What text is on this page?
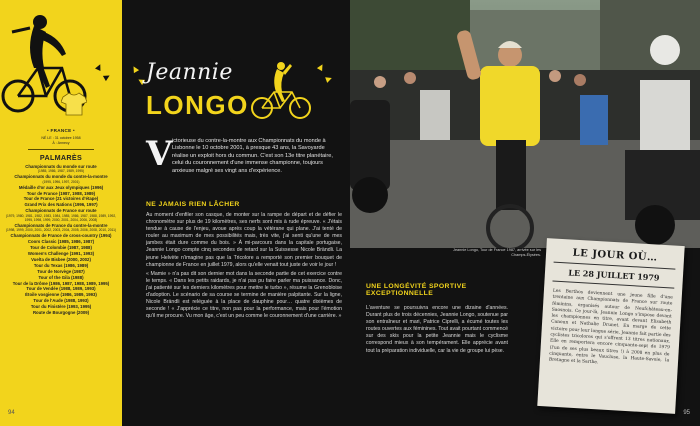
• FRANCE •
NÉ LE : 31 octobre 1958
À : Annecy
PALMARÈS
Championnats du monde sur route
(1985, 1986, 1987, 1989, 1995)
Championnats du monde du contre-la-montre
(1995, 1996, 1997, 2001)
Médaille d'or aux Jeux olympiques (1996)
Tour de France (1987, 1988, 1989)
Tour de France (21 victoires d'étape)
Grand Prix des Nations (1996, 1997)
Championnats de France sur route
(1979, 1980, 1981, 1982, 1983, 1984, 1985, 1986, 1987, 1988, 1989, 1992, 1995, 1998, 1999, 2000, 2001, 2004, 2006, 2008)
Championnats de France du contre-la-montre
(1998, 1999, 2000, 2001, 2002, 2003, 2004, 2005, 2006, 2008, 2010, 2011)
Championnats de France de cross-country (1994)
Coors Classic (1985, 1986, 1987)
Tour de Colombie (1987, 1988)
Women's Challenge (1991, 1993)
Vuelta de Bisbee (2000, 2002)
Tour du Texas (1986, 1989)
Tour de Norvège (1987)
Tour of the Gila (1988)
Tour de la Drôme (1986, 1987, 1988, 1989, 1995)
Tour de Vendée (1988, 1989, 1993)
Étoile vosgienne (1986, 1989, 1993)
Tour de l'Aude (1988, 1993)
Tour du Finistère (1993, 1995)
Route de Bourgogne (2009)
94
Jeannie
LONGO
V ictorieuse du contre-la-montre aux Championnats du monde à Lisbonne le 10 octobre 2001, à presque 43 ans, la Savoyarde réalise un exploit hors du commun. C'est son 13e titre planétaire, celui du couronnement d'une immense championne, toujours anxieuse malgré ses vingt ans d'expérience.
NE JAMAIS RIEN LÂCHER

Au moment d'enfiler son casque, de monter sur la rampe de départ et de défier le chronomètre sur plus de 19 kilomètres, ses nerfs sont mis à rude épreuve. « J'étais tendue à cause de l'enjeu, avoue après coup la vétérane qui plane. J'ai tenté de rouler au maximum de mes possibilités mais, très vite, j'ai senti qu'une de mes jambes était dure comme du bois. » À mi-parcours dans la capitale portugaise, Jeannie Longo compte cinq secondes de retard sur la Suissesse Nicole Brändli. La jeune Helvète n'imagine pas que la Tricolore a remporté son premier bouquet de championne de France en juillet 1979, alors qu'elle venait tout juste de voir le jour !

« Mamie » n'a pas dit son dernier mot dans la seconde partie de cet exercice contre le temps. « Dans les petits raidards, je n'ai pas pu faire parler ma puissance. Donc, j'ai patienté sur les derniers kilomètres pour mettre le turbo », résume la Grenobloise d'adoption. Le scénario de sa course se termine de manière palpitante. Sur la ligne, Nicole Brändli est reléguée à la place de dauphine pour… quatre dixièmes de seconde ! « J'apprécie ce titre, non pas pour la performance, mais pour l'émotion qu'il me procure. Vu mon âge, c'est un peu comme le couronnement d'une carrière. »

Jeannie Longo, Tour de France 1987, arrivée sur les Champs-Élysées.
UNE LONGÉVITÉ SPORTIVE
EXCEPTIONNELLE
L'aventure se poursuivra encore une dizaine d'années. Durant plus de trois décennies, Jeannie Longo, soutenue par son entraîneur et mari, Patrice Ciprelli, a écumé toutes les routes ouvertes aux féminines. Tout avait pourtant commencé sur des skis pour la petite Jeannie mais le cyclisme correspond mieux à son tempérament. Elle apprécie avant tout la préparation individuelle, car la vie de groupe lui pèse.
LE JOUR OÙ…
LE 28 JUILLET 1979
Les Berthos deviennent une jeune fille d'une trentaine aux Championnats de France sur route féminins, organisés autour de Neufchâteau-en-Saosnois. Ce jour-là, Jeannie Longo s'impose devant les championnes en titre, avant devant Elisabeth Canoun et Nathalie Drunet. En marge de cette victoire pour leur longue série, Jeannie fait partie des cyclistes tricolores qui s'offrent 13 titres nationaux. Elle en remportera encore cinquante-sept de 1979 (l'un de ses plus beaux titres !) à 2008 en plus de cinquante, entre le Vaucluse, la Haute-Savoie, la Bretagne et la Sarthe.
95
